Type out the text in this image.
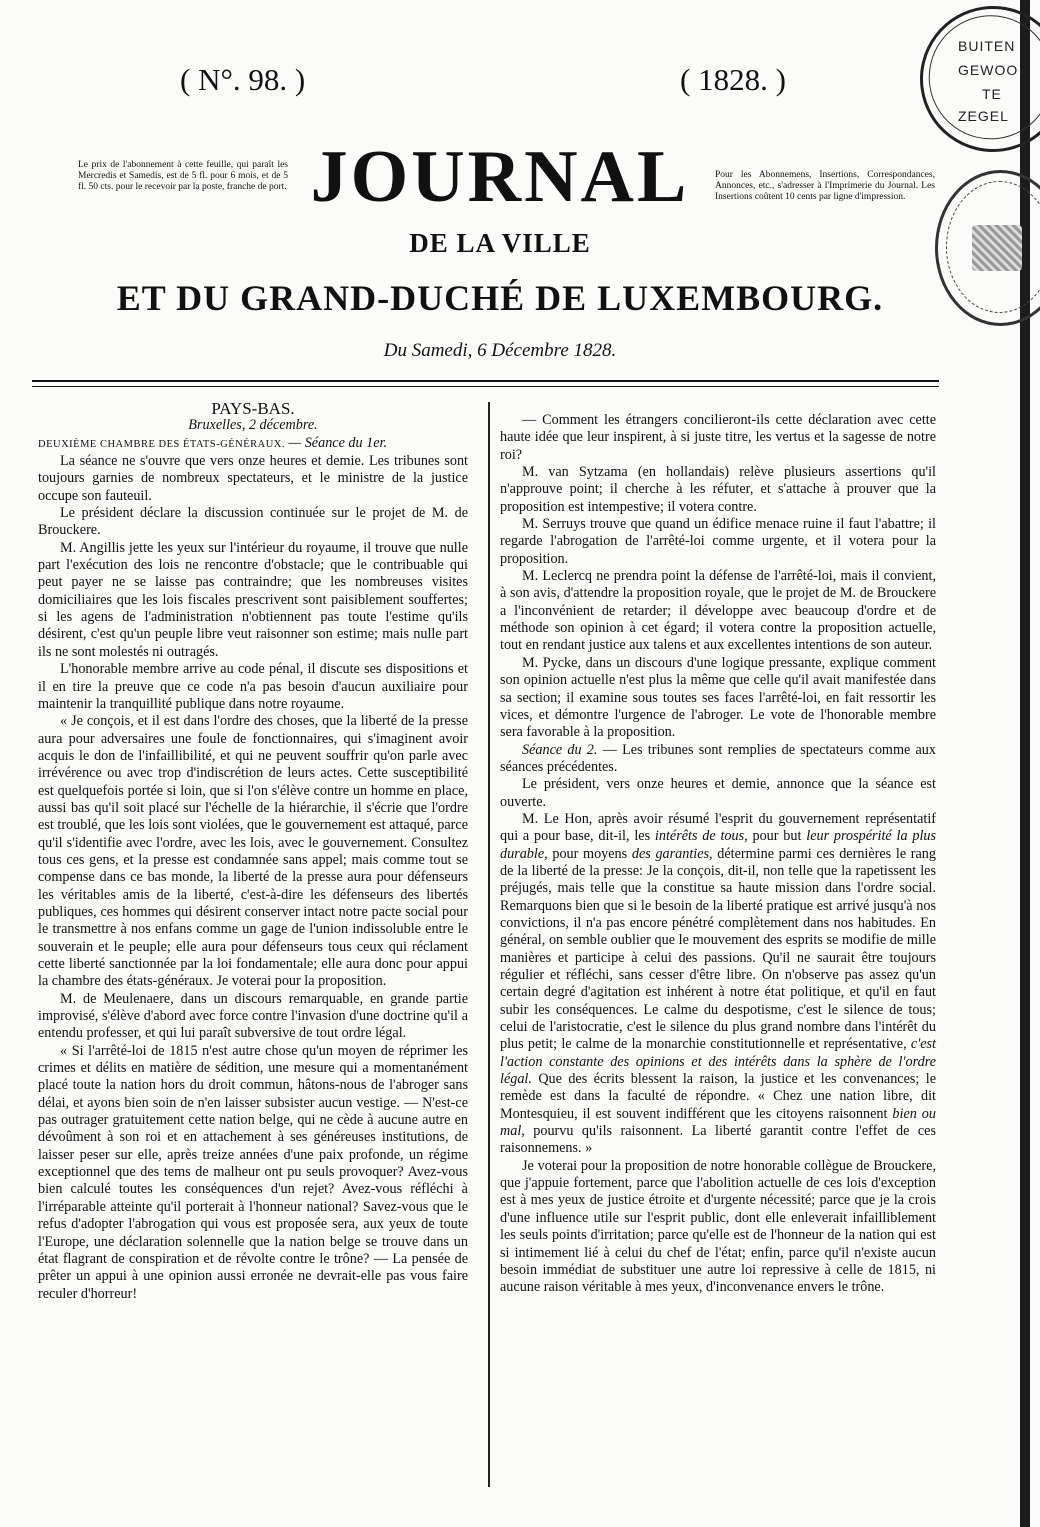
( N°. 98. )	( 1828. )
BUITEN
GEWOO
TE
ZEGEL
Le prix de l'abonnement à cette feuille, qui paraît les Mercredis et Samedis, est de 5 fl. pour 6 mois, et de 5 fl. 50 cts. pour le recevoir par la poste, franche de port.
Pour les Abonnemens, Insertions, Correspondances, Annonces, etc., s'adresser à l'Imprimerie du Journal. Les Insertions coûtent 10 cents par ligne d'impression.
JOURNAL
DE LA VILLE
ET DU GRAND-DUCHÉ DE LUXEMBOURG.
Du Samedi, 6 Décembre 1828.

PAYS-BAS.

Bruxelles, 2 décembre.

DEUXIÈME CHAMBRE DES ÉTATS-GÉNÉRAUX. — Séance du 1er.

La séance ne s'ouvre que vers onze heures et demie. Les tribunes sont toujours garnies de nombreux spectateurs, et le ministre de la justice occupe son fauteuil.

Le président déclare la discussion continuée sur le projet de M. de Brouckere.

M. Angillis jette les yeux sur l'intérieur du royaume, il trouve que nulle part l'exécution des lois ne rencontre d'obstacle; que le contribuable qui peut payer ne se laisse pas contraindre; que les nombreuses visites domiciliaires que les lois fiscales prescrivent sont paisiblement souffertes; si les agens de l'administration n'obtiennent pas toute l'estime qu'ils désirent, c'est qu'un peuple libre veut raisonner son estime; mais nulle part ils ne sont molestés ni outragés.

L'honorable membre arrive au code pénal, il discute ses dispositions et il en tire la preuve que ce code n'a pas besoin d'aucun auxiliaire pour maintenir la tranquillité publique dans notre royaume.

« Je conçois, et il est dans l'ordre des choses, que la liberté de la presse aura pour adversaires une foule de fonctionnaires, qui s'imaginent avoir acquis le don de l'infaillibilité, et qui ne peuvent souffrir qu'on parle avec irrévérence ou avec trop d'indiscrétion de leurs actes. Cette susceptibilité est quelquefois portée si loin, que si l'on s'élève contre un homme en place, aussi bas qu'il soit placé sur l'échelle de la hiérarchie, il s'écrie que l'ordre est troublé, que les lois sont violées, que le gouvernement est attaqué, parce qu'il s'identifie avec l'ordre, avec les lois, avec le gouvernement. Consultez tous ces gens, et la presse est condamnée sans appel; mais comme tout se compense dans ce bas monde, la liberté de la presse aura pour défenseurs les véritables amis de la liberté, c'est-à-dire les défenseurs des libertés publiques, ces hommes qui désirent conserver intact notre pacte social pour le transmettre à nos enfans comme un gage de l'union indissoluble entre le souverain et le peuple; elle aura pour défenseurs tous ceux qui réclament cette liberté sanctionnée par la loi fondamentale; elle aura donc pour appui la chambre des états-généraux. Je voterai pour la proposition.

M. de Meulenaere, dans un discours remarquable, en grande partie improvisé, s'élève d'abord avec force contre l'invasion d'une doctrine qu'il a entendu professer, et qui lui paraît subversive de tout ordre légal.

« Si l'arrêté-loi de 1815 n'est autre chose qu'un moyen de réprimer les crimes et délits en matière de sédition, une mesure qui a momentanément placé toute la nation hors du droit commun, hâtons-nous de l'abroger sans délai, et ayons bien soin de n'en laisser subsister aucun vestige. — N'est-ce pas outrager gratuitement cette nation belge, qui ne cède à aucune autre en dévoûment à son roi et en attachement à ses généreuses institutions, de laisser peser sur elle, après treize années d'une paix profonde, un régime exceptionnel que des tems de malheur ont pu seuls provoquer? Avez-vous bien calculé toutes les conséquences d'un rejet? Avez-vous réfléchi à l'irréparable atteinte qu'il porterait à l'honneur national? Savez-vous que le refus d'adopter l'abrogation qui vous est proposée sera, aux yeux de toute l'Europe, une déclaration solennelle que la nation belge se trouve dans un état flagrant de conspiration et de révolte contre le trône? — La pensée de prêter un appui à une opinion aussi erronée ne devrait-elle pas vous faire reculer d'horreur!

— Comment les étrangers concilieront-ils cette déclaration avec cette haute idée que leur inspirent, à si juste titre, les vertus et la sagesse de notre roi?

M. van Sytzama (en hollandais) relève plusieurs assertions qu'il n'approuve point; il cherche à les réfuter, et s'attache à prouver que la proposition est intempestive; il votera contre.

M. Serruys trouve que quand un édifice menace ruine il faut l'abattre; il regarde l'abrogation de l'arrêté-loi comme urgente, et il votera pour la proposition.

M. Leclercq ne prendra point la défense de l'arrêté-loi, mais il convient, à son avis, d'attendre la proposition royale, que le projet de M. de Brouckere a l'inconvénient de retarder; il développe avec beaucoup d'ordre et de méthode son opinion à cet égard; il votera contre la proposition actuelle, tout en rendant justice aux talens et aux excellentes intentions de son auteur.

M. Pycke, dans un discours d'une logique pressante, explique comment son opinion actuelle n'est plus la même que celle qu'il avait manifestée dans sa section; il examine sous toutes ses faces l'arrêté-loi, en fait ressortir les vices, et démontre l'urgence de l'abroger. Le vote de l'honorable membre sera favorable à la proposition.

Séance du 2. — Les tribunes sont remplies de spectateurs comme aux séances précédentes.

Le président, vers onze heures et demie, annonce que la séance est ouverte.

M. Le Hon, après avoir résumé l'esprit du gouvernement représentatif qui a pour base, dit-il, les intérêts de tous, pour but leur prospérité la plus durable, pour moyens des garanties, détermine parmi ces dernières le rang de la liberté de la presse: Je la conçois, dit-il, non telle que la rapetissent les préjugés, mais telle que la constitue sa haute mission dans l'ordre social. Remarquons bien que si le besoin de la liberté pratique est arrivé jusqu'à nos convictions, il n'a pas encore pénétré complètement dans nos habitudes. En général, on semble oublier que le mouvement des esprits se modifie de mille manières et participe à celui des passions. Qu'il ne saurait être toujours régulier et réfléchi, sans cesser d'être libre. On n'observe pas assez qu'un certain degré d'agitation est inhérent à notre état politique, et qu'il en faut subir les conséquences. Le calme du despotisme, c'est le silence de tous; celui de l'aristocratie, c'est le silence du plus grand nombre dans l'intérêt du plus petit; le calme de la monarchie constitutionnelle et représentative, c'est l'action constante des opinions et des intérêts dans la sphère de l'ordre légal. Que des écrits blessent la raison, la justice et les convenances; le remède est dans la faculté de répondre. « Chez une nation libre, dit Montesquieu, il est souvent indifférent que les citoyens raisonnent bien ou mal, pourvu qu'ils raisonnent. La liberté garantit contre l'effet de ces raisonnemens. »

Je voterai pour la proposition de notre honorable collègue de Brouckere, que j'appuie fortement, parce que l'abolition actuelle de ces lois d'exception est à mes yeux de justice étroite et d'urgente nécessité; parce que je la crois d'une influence utile sur l'esprit public, dont elle enleverait infailliblement les seuls points d'irritation; parce qu'elle est de l'honneur de la nation qui est si intimement lié à celui du chef de l'état; enfin, parce qu'il n'existe aucun besoin immédiat de substituer une autre loi repressive à celle de 1815, ni aucune raison véritable à mes yeux, d'inconvenance envers le trône.
